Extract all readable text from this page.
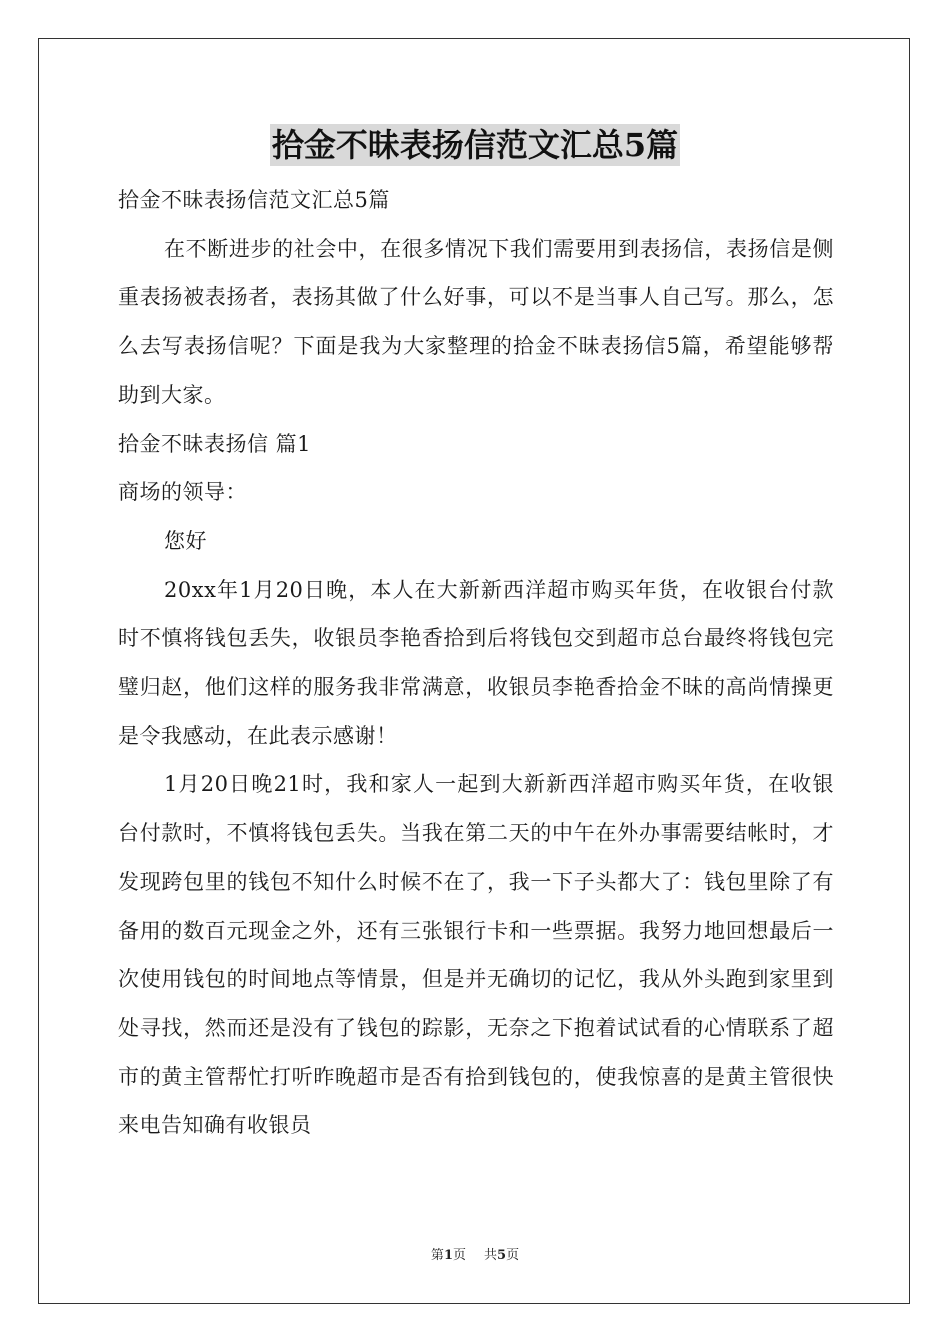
拾金不昧表扬信范文汇总5篇

拾金不昧表扬信范文汇总5篇

在不断进步的社会中，在很多情况下我们需要用到表扬信，表扬信是侧重表扬被表扬者，表扬其做了什么好事，可以不是当事人自己写。那么，怎么去写表扬信呢？下面是我为大家整理的拾金不昧表扬信5篇，希望能够帮助到大家。

拾金不昧表扬信 篇1

商场的领导：

您好

20xx年1月20日晚，本人在大新新西洋超市购买年货，在收银台付款时不慎将钱包丢失，收银员李艳香拾到后将钱包交到超市总台最终将钱包完璧归赵，他们这样的服务我非常满意，收银员李艳香拾金不昧的高尚情操更是令我感动，在此表示感谢！

1月20日晚21时，我和家人一起到大新新西洋超市购买年货，在收银台付款时，不慎将钱包丢失。当我在第二天的中午在外办事需要结帐时，才发现跨包里的钱包不知什么时候不在了，我一下子头都大了：钱包里除了有备用的数百元现金之外，还有三张银行卡和一些票据。我努力地回想最后一次使用钱包的时间地点等情景，但是并无确切的记忆，我从外头跑到家里到处寻找，然而还是没有了钱包的踪影，无奈之下抱着试试看的心情联系了超市的黄主管帮忙打听昨晚超市是否有拾到钱包的，使我惊喜的是黄主管很快来电告知确有收银员

第1页 共5页
